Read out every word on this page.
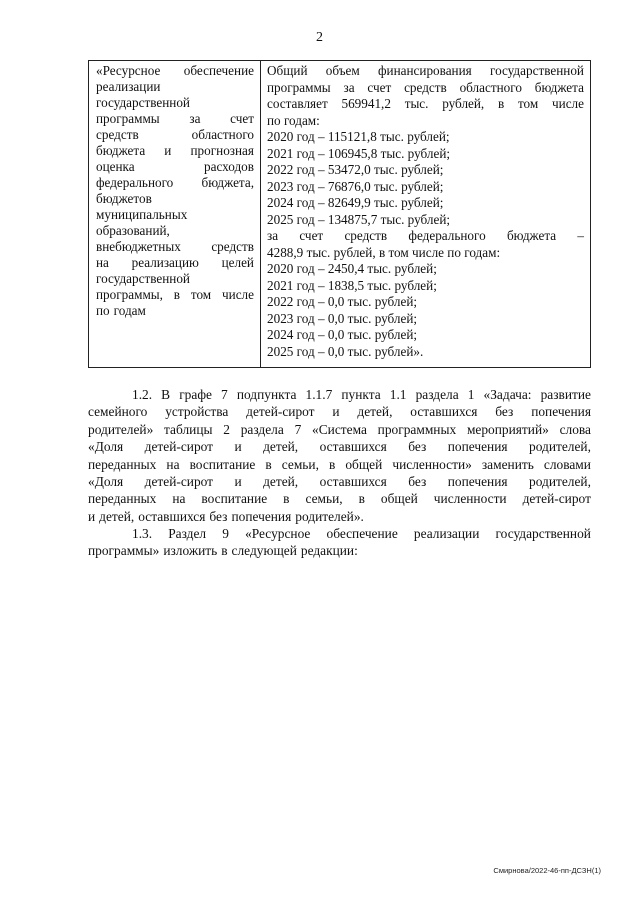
2
«Ресурсное обеспечение
реализации
государственной
программы за счет
средств	областного
бюджета и прогнозная
оценка	расходов
федерального бюджета,
бюджетов
муниципальных
образований,
внебюджетных средств
на реализацию целей
государственной
программы, в том числе
по годам
Общий объем финансирования государственной
программы за счет средств областного бюджета
составляет 569941,2 тыс. рублей, в том числе
по годам:
2020 год – 115121,8 тыс. рублей;
2021 год – 106945,8 тыс. рублей;
2022 год – 53472,0 тыс. рублей;
2023 год – 76876,0 тыс. рублей;
2024 год – 82649,9 тыс. рублей;
2025 год – 134875,7 тыс. рублей;
за счет средств федерального бюджета –
4288,9 тыс. рублей, в том числе по годам:
2020 год – 2450,4 тыс. рублей;
2021 год – 1838,5 тыс. рублей;
2022 год – 0,0 тыс. рублей;
2023 год – 0,0 тыс. рублей;
2024 год – 0,0 тыс. рублей;
2025 год – 0,0 тыс. рублей».
1.2. В графе 7 подпункта 1.1.7 пункта 1.1 раздела 1 «Задача: развитие
семейного устройства детей-сирот и детей, оставшихся без попечения
родителей» таблицы 2 раздела 7 «Система программных мероприятий» слова
«Доля детей-сирот и детей, оставшихся без попечения родителей,
переданных на воспитание в семьи, в общей численности» заменить словами
«Доля детей-сирот и детей, оставшихся без попечения родителей,
переданных на воспитание в семьи, в общей численности детей-сирот
и детей, оставшихся без попечения родителей».
1.3. Раздел 9 «Ресурсное обеспечение реализации государственной
программы» изложить в следующей редакции:
Смирнова/2022-46-пп-ДСЗН(1)
